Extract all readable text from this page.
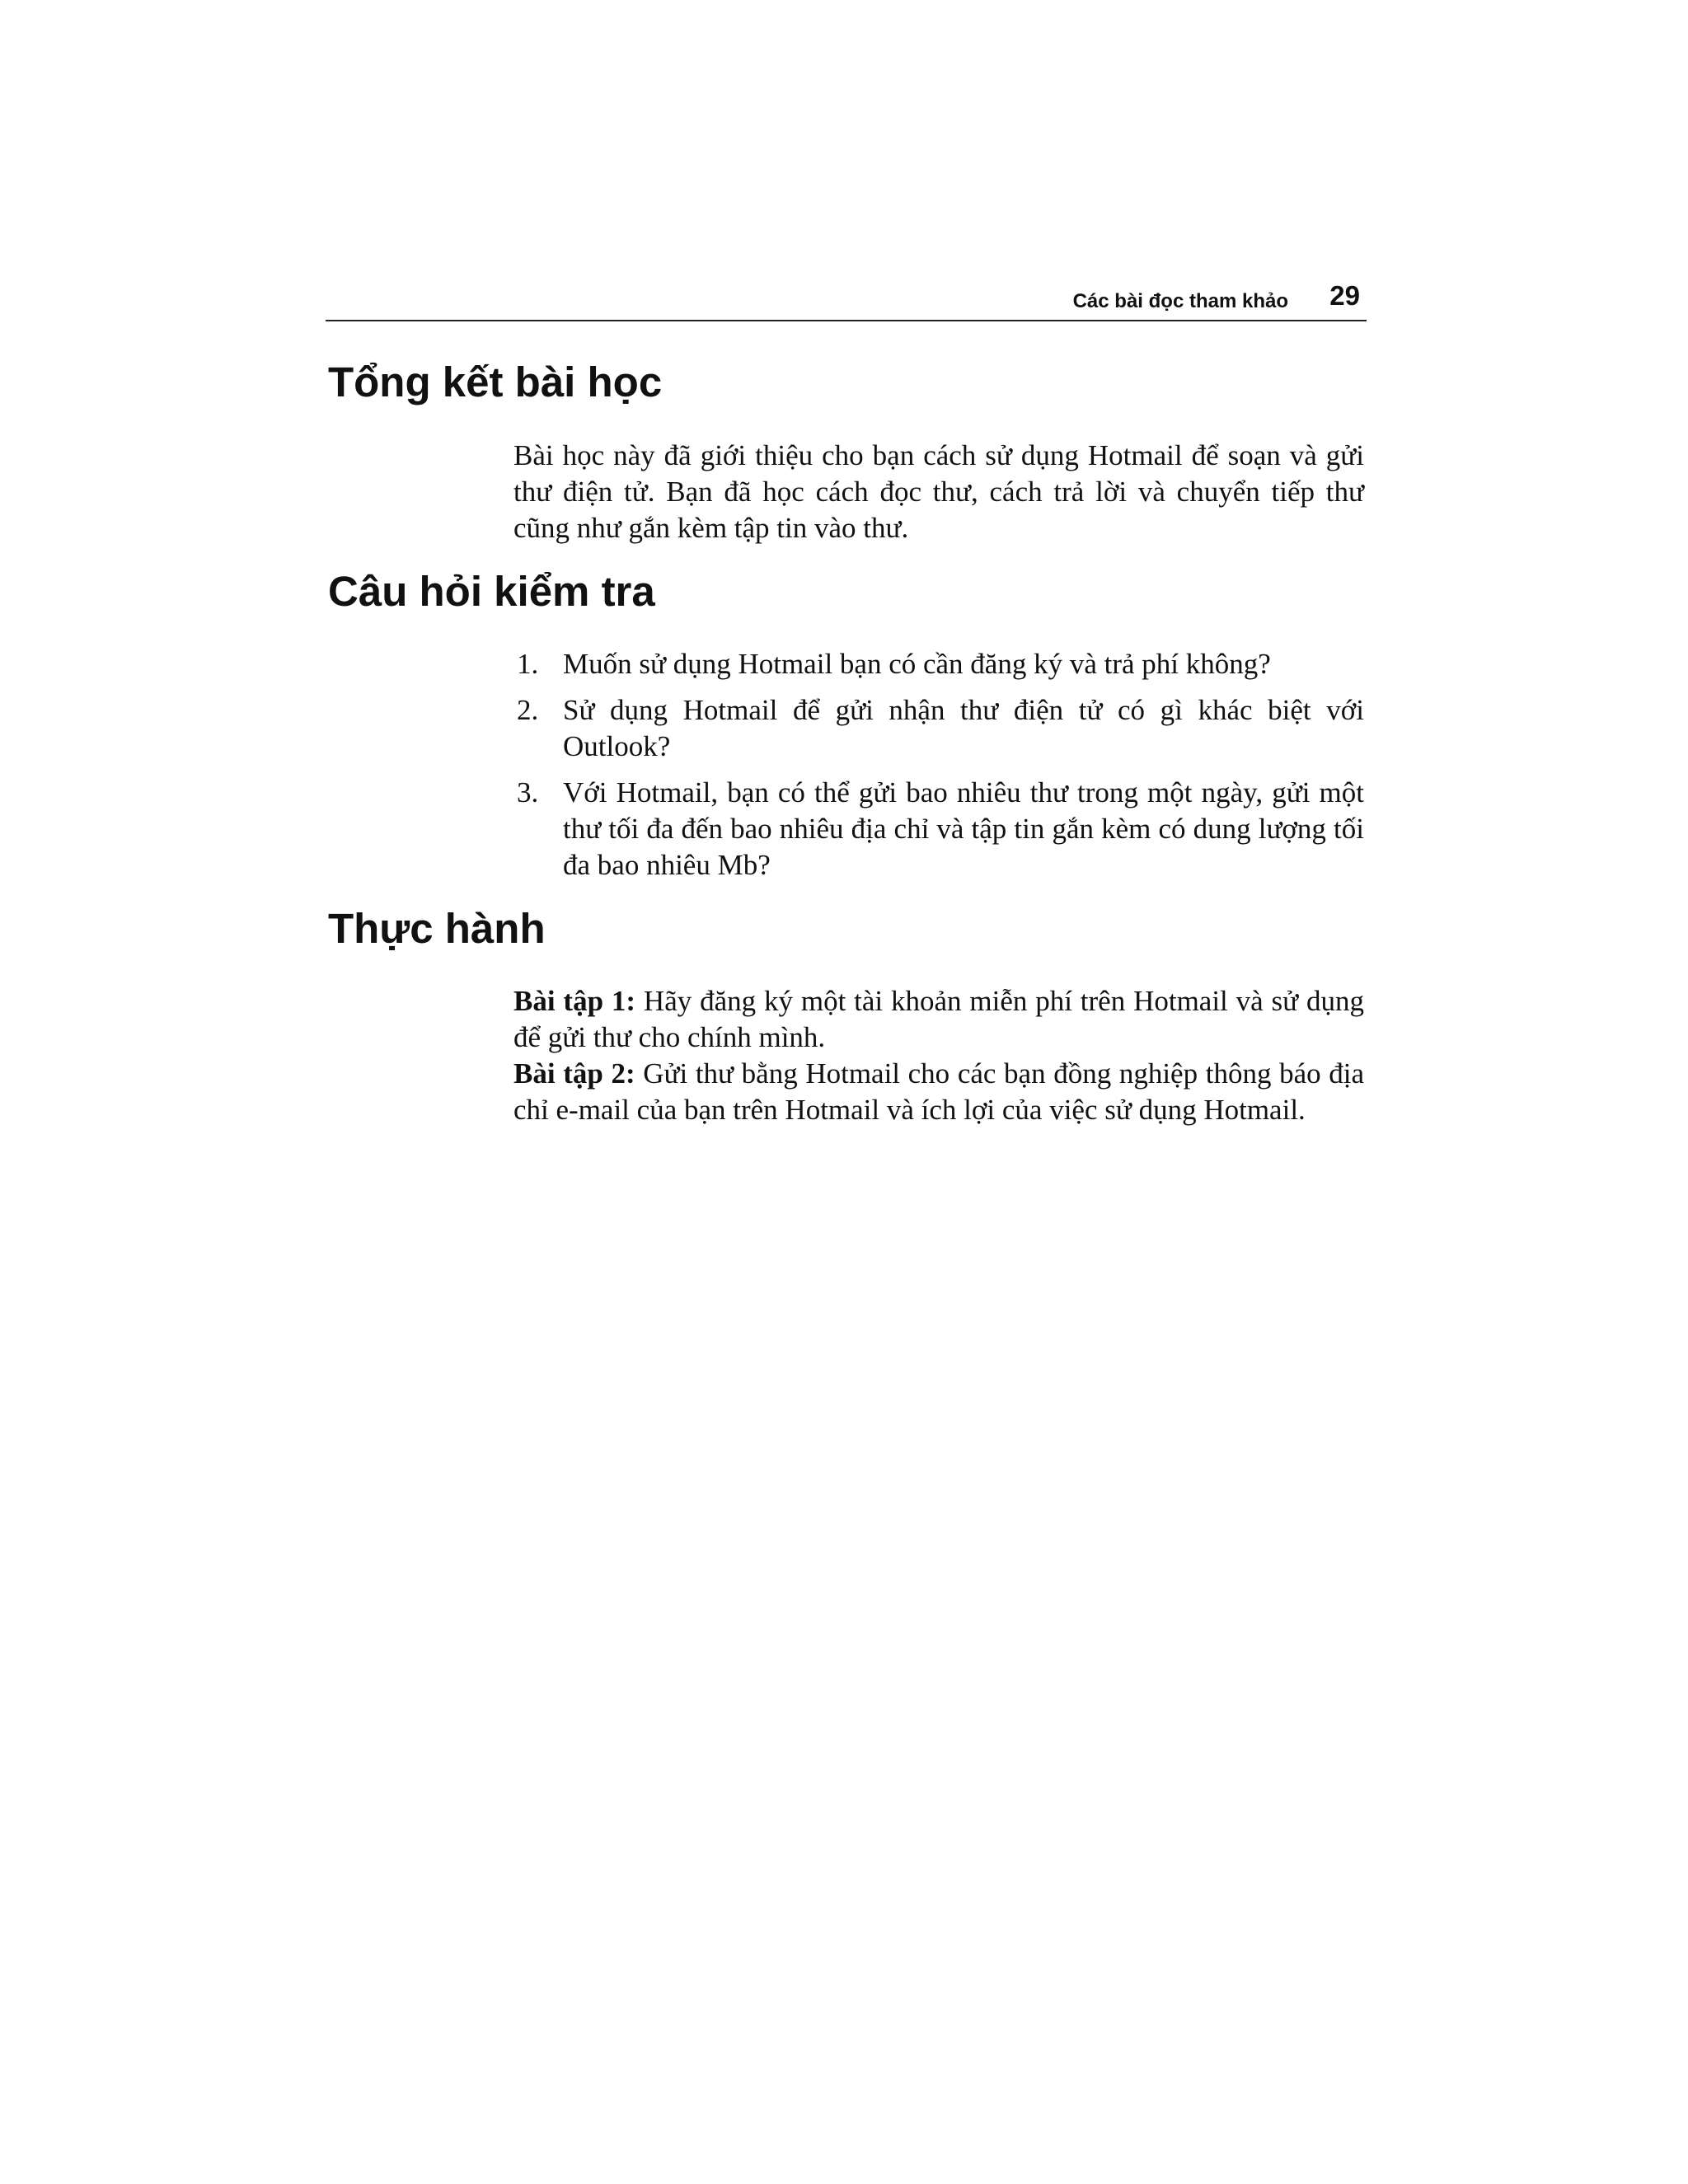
Các bài đọc tham khảo 29
Tổng kết bài học

Bài học này đã giới thiệu cho bạn cách sử dụng Hotmail để soạn và gửi thư điện tử. Bạn đã học cách đọc thư, cách trả lời và chuyển tiếp thư cũng như gắn kèm tập tin vào thư.

Câu hỏi kiểm tra
1. Muốn sử dụng Hotmail bạn có cần đăng ký và trả phí không?
2. Sử dụng Hotmail để gửi nhận thư điện tử có gì khác biệt với Outlook?
3. Với Hotmail, bạn có thể gửi bao nhiêu thư trong một ngày, gửi một thư tối đa đến bao nhiêu địa chỉ và tập tin gắn kèm có dung lượng tối đa bao nhiêu Mb?
Thực hành

Bài tập 1: Hãy đăng ký một tài khoản miễn phí trên Hotmail và sử dụng để gửi thư cho chính mình.

Bài tập 2: Gửi thư bằng Hotmail cho các bạn đồng nghiệp thông báo địa chỉ e-mail của bạn trên Hotmail và ích lợi của việc sử dụng Hotmail.
